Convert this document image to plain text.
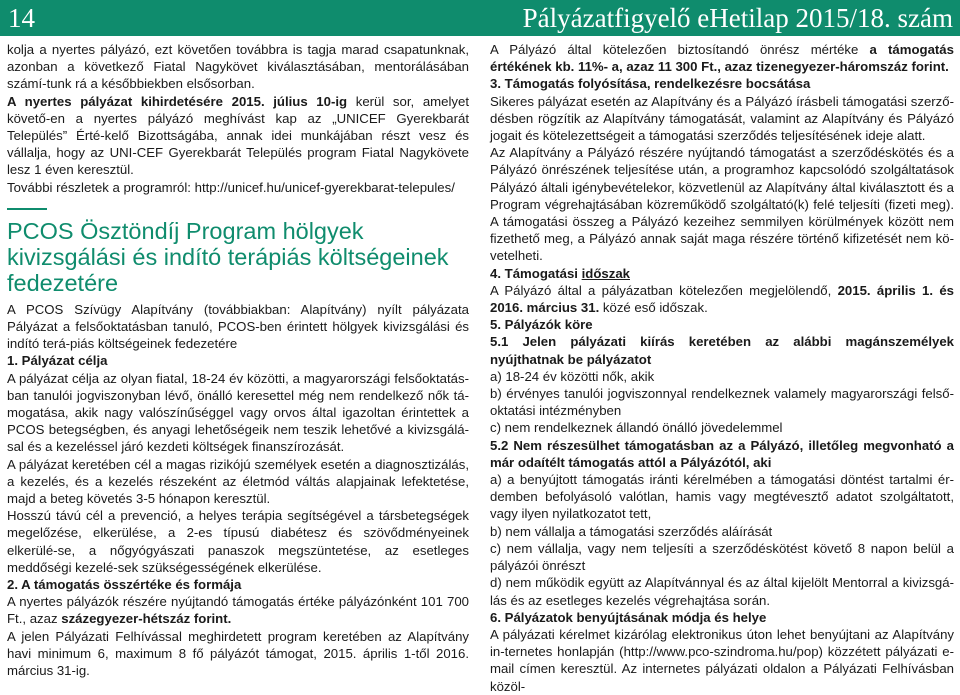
14	Pályázatfigyelő eHetilap 2015/18. szám

kolja a nyertes pályázó, ezt követően továbbra is tagja marad csapatunknak, azonban a következő Fiatal Nagykövet kiválasztásában, mentorálásában számí-tunk rá a későbbiekben elsősorban.

A nyertes pályázat kihirdetésére 2015. július 10-ig kerül sor, amelyet követő-en a nyertes pályázó meghívást kap az „UNICEF Gyerekbarát Település” Érté-kelő Bizottságába, annak idei munkájában részt vesz és vállalja, hogy az UNI-CEF Gyerekbarát Település program Fiatal Nagykövete lesz 1 éven keresztül.

További részletek a programról: http://unicef.hu/unicef-gyerekbarat-telepules/

PCOS Ösztöndíj Program hölgyek kivizsgálási és indító terápiás költségeinek fedezetére

A PCOS Szívügy Alapítvány (továbbiakban: Alapítvány) nyílt pályázata Pályázat a felsőoktatásban tanuló, PCOS-ben érintett hölgyek kivizsgálási és indító terá-piás költségeinek fedezetére

1. Pályázat célja

A pályázat célja az olyan fiatal, 18-24 év közötti, a magyarországi felsőoktatás-ban tanulói jogviszonyban lévő, önálló keresettel még nem rendelkező nők tá-mogatása, akik nagy valószínűséggel vagy orvos által igazoltan érintettek a PCOS betegségben, és anyagi lehetőségeik nem teszik lehetővé a kivizsgálá-sal és a kezeléssel járó kezdeti költségek finanszírozását.

A pályázat keretében cél a magas rizikójú személyek esetén a diagnosztizálás, a kezelés, és a kezelés részeként az életmód váltás alapjainak lefektetése, majd a beteg követés 3-5 hónapon keresztül.

Hosszú távú cél a prevenció, a helyes terápia segítségével a társbetegségek megelőzése, elkerülése, a 2-es típusú diabétesz és szövődményeinek elkerülé-se, a nőgyógyászati panaszok megszüntetése, az esetleges meddőségi kezelé-sek szükségességének elkerülése.

2. A támogatás összértéke és formája

A nyertes pályázók részére nyújtandó támogatás értéke pályázónként 101 700 Ft., azaz százegyezer-hétszáz forint.

A jelen Pályázati Felhívással meghirdetett program keretében az Alapítvány havi minimum 6, maximum 8 fő pályázót támogat, 2015. április 1-től 2016. március 31-ig.

A Pályázó által kötelezően biztosítandó önrész mértéke a támogatás értékének kb. 11%- a, azaz 11 300 Ft., azaz tizenegyezer-háromszáz forint.

3. Támogatás folyósítása, rendelkezésre bocsátása

Sikeres pályázat esetén az Alapítvány és a Pályázó írásbeli támogatási szerző-désben rögzítik az Alapítvány támogatását, valamint az Alapítvány és Pályázó jogait és kötelezettségeit a támogatási szerződés teljesítésének ideje alatt.

Az Alapítvány a Pályázó részére nyújtandó támogatást a szerződéskötés és a Pályázó önrészének teljesítése után, a programhoz kapcsolódó szolgáltatások Pályázó általi igénybevételekor, közvetlenül az Alapítvány által kiválasztott és a Program végrehajtásában közreműködő szolgáltató(k) felé teljesíti (fizeti meg). A támogatási összeg a Pályázó kezeihez semmilyen körülmények között nem fizethető meg, a Pályázó annak saját maga részére történő kifizetését nem kö-vetelheti.

4. Támogatási időszak

A Pályázó által a pályázatban kötelezően megjelölendő, 2015. április 1. és 2016. március 31. közé eső időszak.

5. Pályázók köre

5.1 Jelen pályázati kiírás keretében az alábbi magánszemélyek nyújthatnak be pályázatot

a) 18-24 év közötti nők, akik

b) érvényes tanulói jogviszonnyal rendelkeznek valamely magyarországi felső-oktatási intézményben

c) nem rendelkeznek állandó önálló jövedelemmel

5.2 Nem részesülhet támogatásban az a Pályázó, illetőleg megvonható a már odaítélt támogatás attól a Pályázótól, aki

a) a benyújtott támogatás iránti kérelmében a támogatási döntést tartalmi ér-demben befolyásoló valótlan, hamis vagy megtévesztő adatot szolgáltatott, vagy ilyen nyilatkozatot tett,

b) nem vállalja a támogatási szerződés aláírását

c) nem vállalja, vagy nem teljesíti a szerződéskötést követő 8 napon belül a pályázói önrészt

d) nem működik együtt az Alapítvánnyal és az által kijelölt Mentorral a kivizsgá-lás és az esetleges kezelés végrehajtása során.

6. Pályázatok benyújtásának módja és helye

A pályázati kérelmet kizárólag elektronikus úton lehet benyújtani az Alapítvány in-ternetes honlapján (http://www.pco-szindroma.hu/pop) közzétett pályázati e-mail címen keresztül. Az internetes pályázati oldalon a Pályázati Felhívásban közöl-
